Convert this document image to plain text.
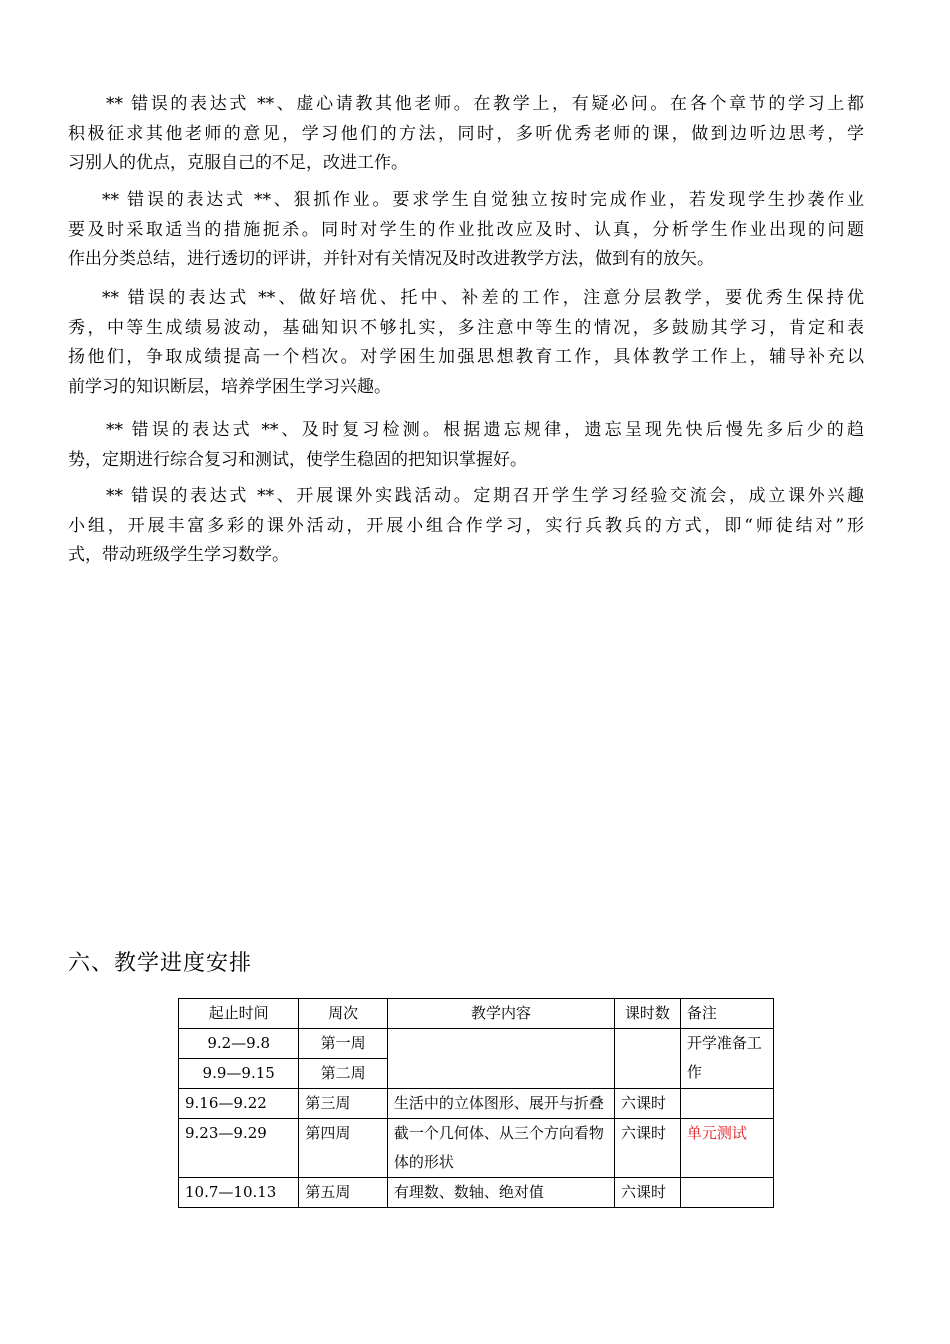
** 错误的表达式 **、虚心请教其他老师。在教学上，有疑必问。在各个章节的学习上都
积极征求其他老师的意见，学习他们的方法，同时，多听优秀老师的课，做到边听边思考，学
习别人的优点，克服自己的不足，改进工作。
** 错误的表达式 **、狠抓作业。要求学生自觉独立按时完成作业，若发现学生抄袭作业
要及时采取适当的措施扼杀。同时对学生的作业批改应及时、认真，分析学生作业出现的问题
作出分类总结，进行透切的评讲，并针对有关情况及时改进教学方法，做到有的放矢。
** 错误的表达式 **、做好培优、托中、补差的工作，注意分层教学，要优秀生保持优
秀，中等生成绩易波动，基础知识不够扎实，多注意中等生的情况，多鼓励其学习，肯定和表
扬他们，争取成绩提高一个档次。对学困生加强思想教育工作，具体教学工作上，辅导补充以
前学习的知识断层，培养学困生学习兴趣。
** 错误的表达式 **、及时复习检测。根据遗忘规律，遗忘呈现先快后慢先多后少的趋
势，定期进行综合复习和测试，使学生稳固的把知识掌握好。
** 错误的表达式 **、开展课外实践活动。定期召开学生学习经验交流会，成立课外兴趣
小组，开展丰富多彩的课外活动，开展小组合作学习，实行兵教兵的方式，即“师徒结对”形
式，带动班级学生学习数学。
六、教学进度安排
起止时间	周次	教学内容	课时数	备注
9.2—9.8	第一周			开学准备工作
9.9—9.15	第二周			
9.16—9.22	第三周	生活中的立体图形、展开与折叠	六课时	
9.23—9.29	第四周	截一个几何体、从三个方向看物体的形状	六课时	单元测试
10.7—10.13	第五周	有理数、数轴、绝对值	六课时	
